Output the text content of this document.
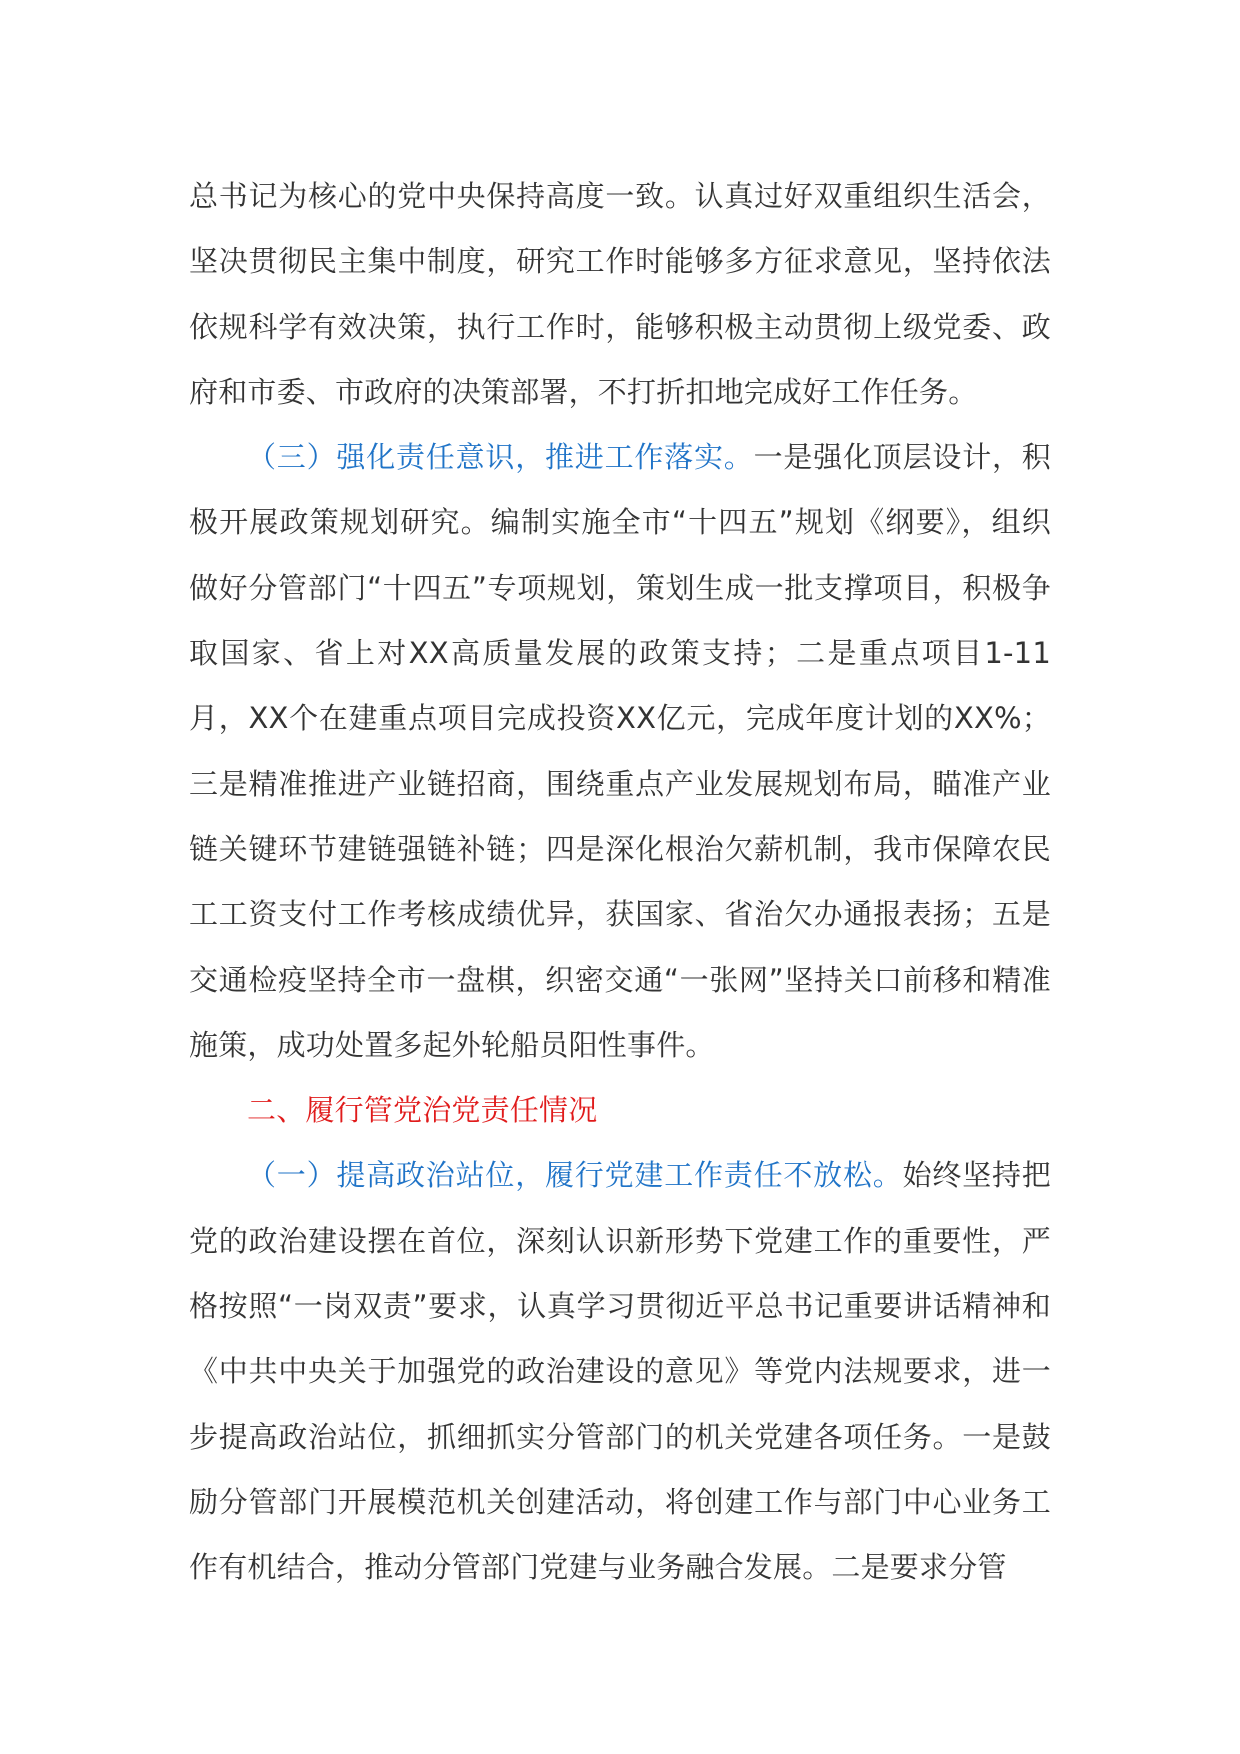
总书记为核心的党中央保持高度一致。认真过好双重组织生活会，坚决贯彻民主集中制度，研究工作时能够多方征求意见，坚持依法依规科学有效决策，执行工作时，能够积极主动贯彻上级党委、政府和市委、市政府的决策部署，不打折扣地完成好工作任务。

（三）强化责任意识，推进工作落实。一是强化顶层设计，积极开展政策规划研究。编制实施全市“十四五”规划《纲要》，组织做好分管部门“十四五”专项规划，策划生成一批支撑项目，积极争取国家、省上对XX高质量发展的政策支持；二是重点项目1-11月，XX个在建重点项目完成投资XX亿元，完成年度计划的XX%；三是精准推进产业链招商，围绕重点产业发展规划布局，瞄准产业链关键环节建链强链补链；四是深化根治欠薪机制，我市保障农民工工资支付工作考核成绩优异，获国家、省治欠办通报表扬；五是交通检疫坚持全市一盘棋，织密交通“一张网”坚持关口前移和精准施策，成功处置多起外轮船员阳性事件。

二、履行管党治党责任情况

（一）提高政治站位，履行党建工作责任不放松。始终坚持把党的政治建设摆在首位，深刻认识新形势下党建工作的重要性，严格按照“一岗双责”要求，认真学习贯彻近平总书记重要讲话精神和《中共中央关于加强党的政治建设的意见》等党内法规要求，进一步提高政治站位，抓细抓实分管部门的机关党建各项任务。一是鼓励分管部门开展模范机关创建活动，将创建工作与部门中心业务工作有机结合，推动分管部门党建与业务融合发展。二是要求分管
